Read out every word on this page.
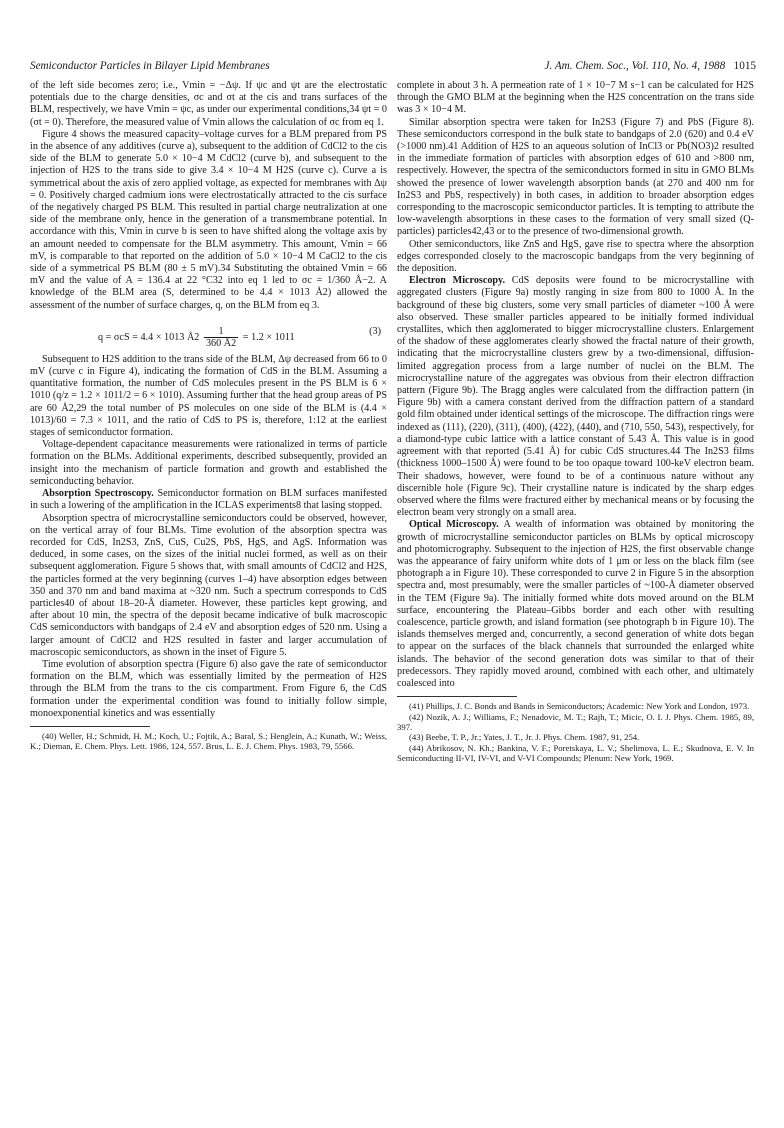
Semiconductor Particles in Bilayer Lipid Membranes	J. Am. Chem. Soc., Vol. 110, No. 4, 1988 1015

of the left side becomes zero; i.e., Vmin = −Δψ. If ψc and ψt are the electrostatic potentials due to the charge densities, σc and σt at the cis and trans surfaces of the BLM, respectively, we have Vmin = ψc, as under our experimental conditions,34 ψt = 0 (σt = 0). Therefore, the measured value of Vmin allows the calculation of σc from eq 1.

Figure 4 shows the measured capacity–voltage curves for a BLM prepared from PS in the absence of any additives (curve a), subsequent to the addition of CdCl2 to the cis side of the BLM to generate 5.0 × 10−4 M CdCl2 (curve b), and subsequent to the injection of H2S to the trans side to give 3.4 × 10−4 M H2S (curve c). Curve a is symmetrical about the axis of zero applied voltage, as expected for membranes with Δψ = 0. Positively charged cadmium ions were electrostatically attracted to the cis surface of the negatively charged PS BLM. This resulted in partial charge neutralization at one side of the membrane only, hence in the generation of a transmembrane potential. In accordance with this, Vmin in curve b is seen to have shifted along the voltage axis by an amount needed to compensate for the BLM asymmetry. This amount, Vmin = 66 mV, is comparable to that reported on the addition of 5.0 × 10−4 M CaCl2 to the cis side of a symmetrical PS BLM (80 ± 5 mV).34 Substituting the obtained Vmin = 66 mV and the value of A = 136.4 at 22 °C32 into eq 1 led to σc = 1/360 Å−2. A knowledge of the BLM area (S, determined to be 4.4 × 1013 Å2) allowed the assessment of the number of surface charges, q, on the BLM from eq 3.

q = σcS = 4.4 × 1013 Å2 $\frac{1}{360 Å2} = 1.2 \times 1011$
(3)

Subsequent to H2S addition to the trans side of the BLM, Δψ decreased from 66 to 0 mV (curve c in Figure 4), indicating the formation of CdS in the BLM. Assuming a quantitative formation, the number of CdS molecules present in the PS BLM is 6 × 1010 (q/z = 1.2 × 1011/2 = 6 × 1010). Assuming further that the head group areas of PS are 60 Å2,29 the total number of PS molecules on one side of the BLM is (4.4 × 1013)/60 = 7.3 × 1011, and the ratio of CdS to PS is, therefore, 1:12 at the earliest stages of semiconductor formation.

Voltage-dependent capacitance measurements were rationalized in terms of particle formation on the BLMs. Additional experiments, described subsequently, provided an insight into the mechanism of particle formation and growth and established the semiconducting behavior.

Absorption Spectroscopy. Semiconductor formation on BLM surfaces manifested in such a lowering of the amplification in the ICLAS experiments8 that lasing stopped.

Absorption spectra of microcrystalline semiconductors could be observed, however, on the vertical array of four BLMs. Time evolution of the absorption spectra was recorded for CdS, In2S3, ZnS, CuS, Cu2S, PbS, HgS, and AgS. Information was deduced, in some cases, on the sizes of the initial nuclei formed, as well as on their subsequent agglomeration. Figure 5 shows that, with small amounts of CdCl2 and H2S, the particles formed at the very beginning (curves 1–4) have absorption edges between 350 and 370 nm and band maxima at ~320 nm. Such a spectrum corresponds to CdS particles40 of about 18–20-Å diameter. However, these particles kept growing, and after about 10 min, the spectra of the deposit became indicative of bulk macroscopic CdS semiconductors with bandgaps of 2.4 eV and absorption edges of 520 nm. Using a larger amount of CdCl2 and H2S resulted in faster and larger accumulation of macroscopic semiconductors, as shown in the inset of Figure 5.

Time evolution of absorption spectra (Figure 6) also gave the rate of semiconductor formation on the BLM, which was essentially limited by the permeation of H2S through the BLM from the trans to the cis compartment. From Figure 6, the CdS formation under the experimental condition was found to initially follow simple, monoexponential kinetics and was essentially

(40) Weller, H.; Schmidt, H. M.; Koch, U.; Fojtik, A.; Baral, S.; Henglein, A.; Kunath, W.; Weiss, K.; Dieman, E. Chem. Phys. Lett. 1986, 124, 557. Brus, L. E. J. Chem. Phys. 1983, 79, 5566.

complete in about 3 h. A permeation rate of 1 × 10−7 M s−1 can be calculated for H2S through the GMO BLM at the beginning when the H2S concentration on the trans side was 3 × 10−4 M.

Similar absorption spectra were taken for In2S3 (Figure 7) and PbS (Figure 8). These semiconductors correspond in the bulk state to bandgaps of 2.0 (620) and 0.4 eV (>1000 nm).41 Addition of H2S to an aqueous solution of InCl3 or Pb(NO3)2 resulted in the immediate formation of particles with absorption edges of 610 and >800 nm, respectively. However, the spectra of the semiconductors formed in situ in GMO BLMs showed the presence of lower wavelength absorption bands (at 270 and 400 nm for In2S3 and PbS, respectively) in both cases, in addition to broader absorption edges corresponding to the macroscopic semiconductor particles. It is tempting to attribute the low-wavelength absorptions in these cases to the formation of very small sized (Q-particles) particles42,43 or to the presence of two-dimensional growth.

Other semiconductors, like ZnS and HgS, gave rise to spectra where the absorption edges corresponded closely to the macroscopic bandgaps from the very beginning of the deposition.

Electron Microscopy. CdS deposits were found to be microcrystalline with aggregated clusters (Figure 9a) mostly ranging in size from 800 to 1000 Å. In the background of these big clusters, some very small particles of diameter ~100 Å were also observed. These smaller particles appeared to be initially formed individual crystallites, which then agglomerated to bigger microcrystalline clusters. Enlargement of the shadow of these agglomerates clearly showed the fractal nature of their growth, indicating that the microcrystalline clusters grew by a two-dimensional, diffusion-limited aggregation process from a large number of nuclei on the BLM. The microcrystalline nature of the aggregates was obvious from their electron diffraction pattern (Figure 9b). The Bragg angles were calculated from the diffraction pattern (in Figure 9b) with a camera constant derived from the diffraction pattern of a standard gold film obtained under identical settings of the microscope. The diffraction rings were indexed as (111), (220), (311), (400), (422), (440), and (710, 550, 543), respectively, for a diamond-type cubic lattice with a lattice constant of 5.43 Å. This value is in good agreement with that reported (5.41 Å) for cubic CdS structures.44 The In2S3 films (thickness 1000–1500 Å) were found to be too opaque toward 100-keV electron beam. Their shadows, however, were found to be of a continuous nature without any discernible hole (Figure 9c). Their crystalline nature is indicated by the sharp edges observed where the films were fractured either by mechanical means or by focusing the electron beam very strongly on a small area.

Optical Microscopy. A wealth of information was obtained by monitoring the growth of microcrystalline semiconductor particles on BLMs by optical microscopy and photomicrography. Subsequent to the injection of H2S, the first observable change was the appearance of fairy uniform white dots of 1 μm or less on the black film (see photograph a in Figure 10). These corresponded to curve 2 in Figure 5 in the absorption spectra and, most presumably, were the smaller particles of ~100-Å diameter observed in the TEM (Figure 9a). The initially formed white dots moved around on the BLM surface, encountering the Plateau–Gibbs border and each other with resulting coalescence, particle growth, and island formation (see photograph b in Figure 10). The islands themselves merged and, concurrently, a second generation of white dots began to appear on the surfaces of the black channels that surrounded the enlarged white islands. The behavior of the second generation dots was similar to that of their predecessors. They rapidly moved around, combined with each other, and ultimately coalesced into

(41) Phillips, J. C. Bonds and Bands in Semiconductors; Academic: New York and London, 1973.

(42) Nozik, A. J.; Williams, F.; Nenadovic, M. T.; Rajh, T.; Micic, O. I. J. Phys. Chem. 1985, 89, 397.

(43) Beebe, T. P., Jr.; Yates, J. T., Jr. J. Phys. Chem. 1987, 91, 254.

(44) Abrikosov, N. Kh.; Bankina, V. F.; Poretskaya, L. V.; Shelimova, L. E.; Skudnova, E. V. In Semiconducting II-VI, IV-VI, and V-VI Compounds; Plenum: New York, 1969.
